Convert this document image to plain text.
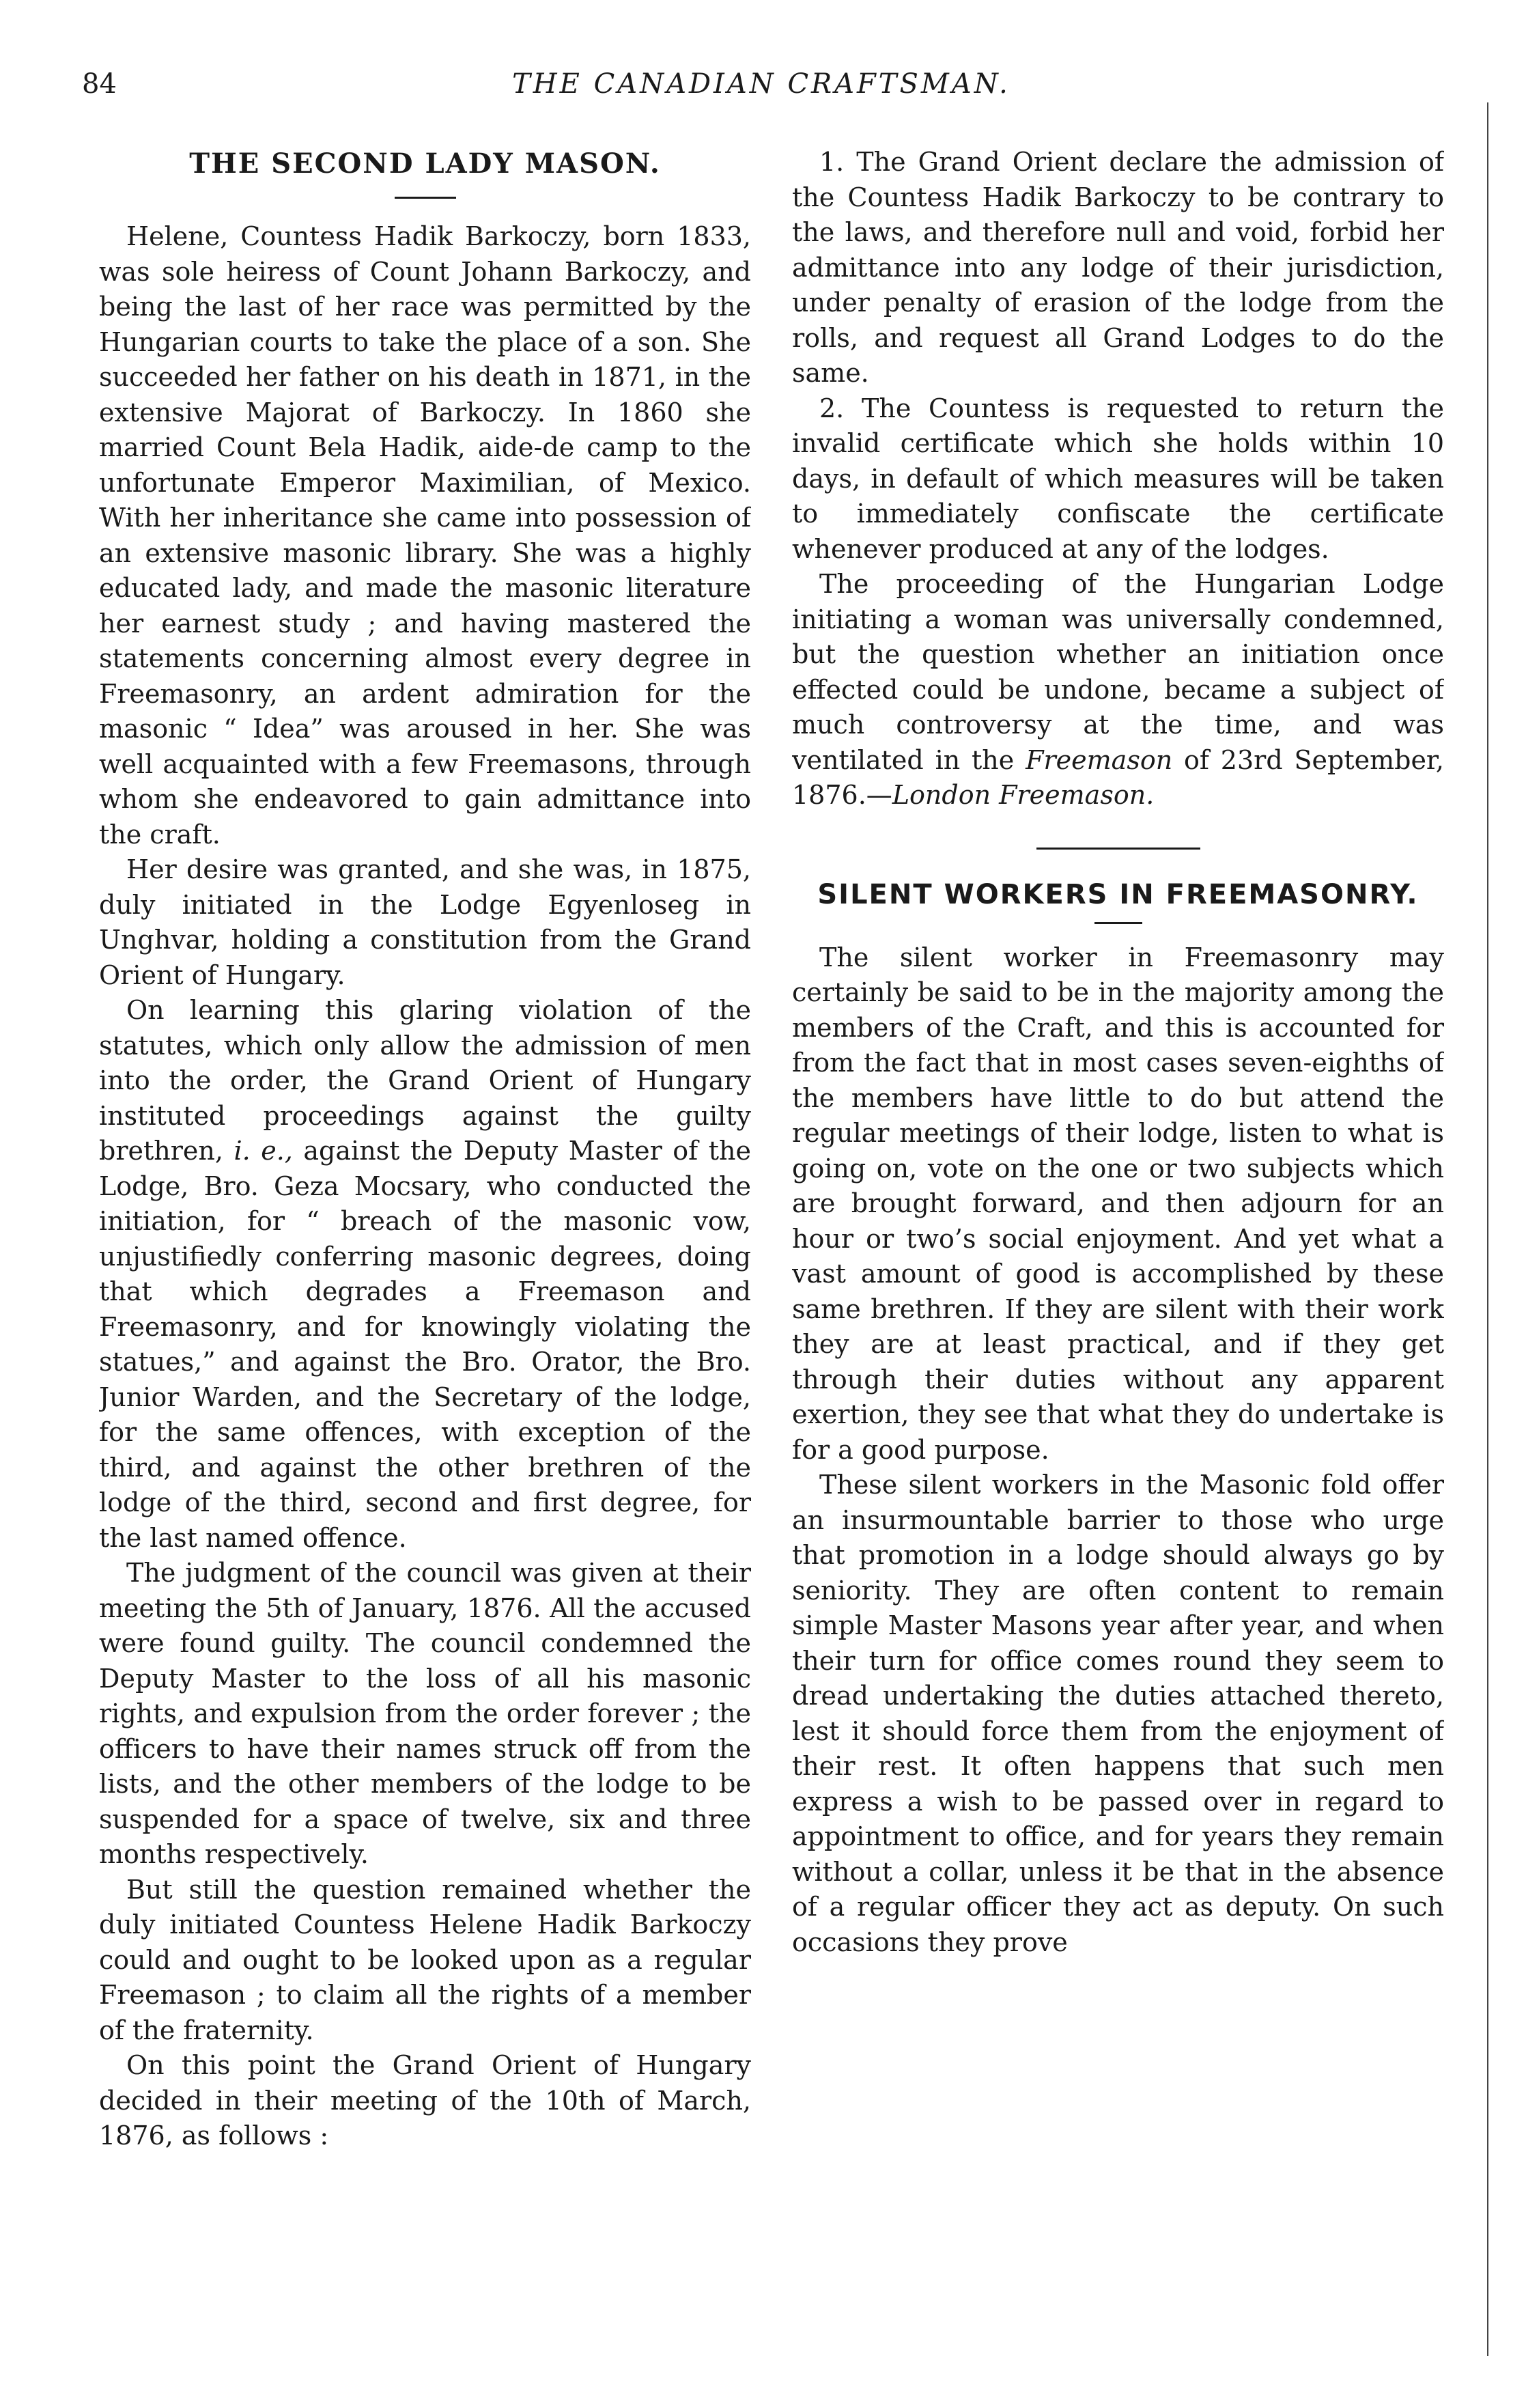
84	THE CANADIAN CRAFTSMAN.
THE SECOND LADY MASON.

Helene, Countess Hadik Barkoczy, born 1833, was sole heiress of Count Johann Barkoczy, and being the last of her race was permitted by the Hungarian courts to take the place of a son. She succeeded her father on his death in 1871, in the extensive Majorat of Barkoczy. In 1860 she married Count Bela Hadik, aide-de camp to the unfortunate Emperor Maximilian, of Mexico. With her inheritance she came into possession of an extensive masonic library. She was a highly educated lady, and made the masonic literature her earnest study ; and having mastered the statements concerning almost every degree in Freemasonry, an ardent admiration for the masonic “ Idea” was aroused in her. She was well acquainted with a few Freemasons, through whom she endeavored to gain admittance into the craft.

Her desire was granted, and she was, in 1875, duly initiated in the Lodge Egyenloseg in Unghvar, holding a constitution from the Grand Orient of Hungary.

On learning this glaring violation of the statutes, which only allow the admission of men into the order, the Grand Orient of Hungary instituted proceedings against the guilty brethren, i. e., against the Deputy Master of the Lodge, Bro. Geza Mocsary, who conducted the initiation, for “ breach of the masonic vow, unjustifiedly conferring masonic degrees, doing that which degrades a Freemason and Freemasonry, and for knowingly violating the statues,” and against the Bro. Orator, the Bro. Junior Warden, and the Secretary of the lodge, for the same offences, with exception of the third, and against the other brethren of the lodge of the third, second and first degree, for the last named offence.

The judgment of the council was given at their meeting the 5th of January, 1876. All the accused were found guilty. The council condemned the Deputy Master to the loss of all his masonic rights, and expulsion from the order forever ; the officers to have their names struck off from the lists, and the other members of the lodge to be suspended for a space of twelve, six and three months respectively.

But still the question remained whether the duly initiated Countess Helene Hadik Barkoczy could and ought to be looked upon as a regular Freemason ; to claim all the rights of a member of the fraternity.

On this point the Grand Orient of Hungary decided in their meeting of the 10th of March, 1876, as follows :

1. The Grand Orient declare the admission of the Countess Hadik Barkoczy to be contrary to the laws, and therefore null and void, forbid her admittance into any lodge of their jurisdiction, under penalty of erasion of the lodge from the rolls, and request all Grand Lodges to do the same.

2. The Countess is requested to return the invalid certificate which she holds within 10 days, in default of which measures will be taken to immediately confiscate the certificate whenever produced at any of the lodges.

The proceeding of the Hungarian Lodge initiating a woman was universally condemned, but the question whether an initiation once effected could be undone, became a subject of much controversy at the time, and was ventilated in the Freemason of 23rd September, 1876.—London Freemason.

SILENT WORKERS IN FREEMASONRY.

The silent worker in Freemasonry may certainly be said to be in the majority among the members of the Craft, and this is accounted for from the fact that in most cases seven-eighths of the members have little to do but attend the regular meetings of their lodge, listen to what is going on, vote on the one or two subjects which are brought forward, and then adjourn for an hour or two’s social enjoyment. And yet what a vast amount of good is accomplished by these same brethren. If they are silent with their work they are at least practical, and if they get through their duties without any apparent exertion, they see that what they do undertake is for a good purpose.

These silent workers in the Masonic fold offer an insurmountable barrier to those who urge that promotion in a lodge should always go by seniority. They are often content to remain simple Master Masons year after year, and when their turn for office comes round they seem to dread undertaking the duties attached thereto, lest it should force them from the enjoyment of their rest. It often happens that such men express a wish to be passed over in regard to appointment to office, and for years they remain without a collar, unless it be that in the absence of a regular officer they act as deputy. On such occasions they prove
